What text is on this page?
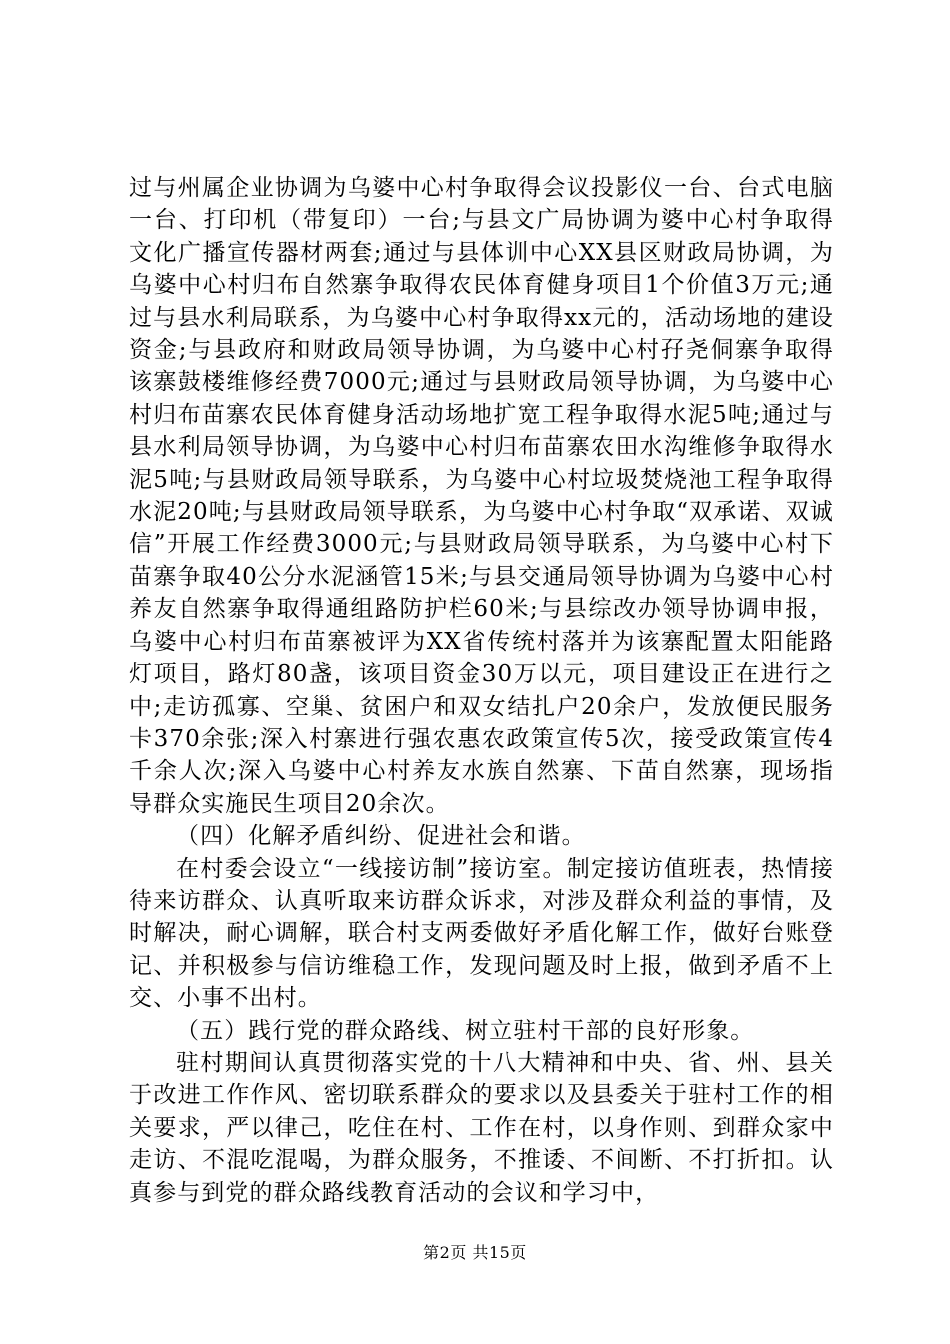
过与州属企业协调为乌婆中心村争取得会议投影仪一台、台式电脑一台、打印机（带复印）一台;与县文广局协调为婆中心村争取得文化广播宣传器材两套;通过与县体训中心XX县区财政局协调，为乌婆中心村归布自然寨争取得农民体育健身项目1个价值3万元;通过与县水利局联系，为乌婆中心村争取得xx元的，活动场地的建设资金;与县政府和财政局领导协调，为乌婆中心村孖尧侗寨争取得该寨鼓楼维修经费7000元;通过与县财政局领导协调，为乌婆中心村归布苗寨农民体育健身活动场地扩宽工程争取得水泥5吨;通过与县水利局领导协调，为乌婆中心村归布苗寨农田水沟维修争取得水泥5吨;与县财政局领导联系，为乌婆中心村垃圾焚烧池工程争取得水泥20吨;与县财政局领导联系，为乌婆中心村争取“双承诺、双诚信”开展工作经费3000元;与县财政局领导联系，为乌婆中心村下苗寨争取40公分水泥涵管15米;与县交通局领导协调为乌婆中心村养友自然寨争取得通组路防护栏60米;与县综改办领导协调申报，乌婆中心村归布苗寨被评为XX省传统村落并为该寨配置太阳能路灯项目，路灯80盏，该项目资金30万以元，项目建设正在进行之中;走访孤寡、空巢、贫困户和双女结扎户20余户，发放便民服务卡370余张;深入村寨进行强农惠农政策宣传5次，接受政策宣传4千余人次;深入乌婆中心村养友水族自然寨、下苗自然寨，现场指导群众实施民生项目20余次。

（四）化解矛盾纠纷、促进社会和谐。

在村委会设立“一线接访制”接访室。制定接访值班表，热情接待来访群众、认真听取来访群众诉求，对涉及群众利益的事情，及时解决，耐心调解，联合村支两委做好矛盾化解工作，做好台账登记、并积极参与信访维稳工作，发现问题及时上报，做到矛盾不上交、小事不出村。

（五）践行党的群众路线、树立驻村干部的良好形象。

驻村期间认真贯彻落实党的十八大精神和中央、省、州、县关于改进工作作风、密切联系群众的要求以及县委关于驻村工作的相关要求，严以律己，吃住在村、工作在村，以身作则、到群众家中走访、不混吃混喝，为群众服务，不推诿、不间断、不打折扣。认真参与到党的群众路线教育活动的会议和学习中，

第2页 共15页
